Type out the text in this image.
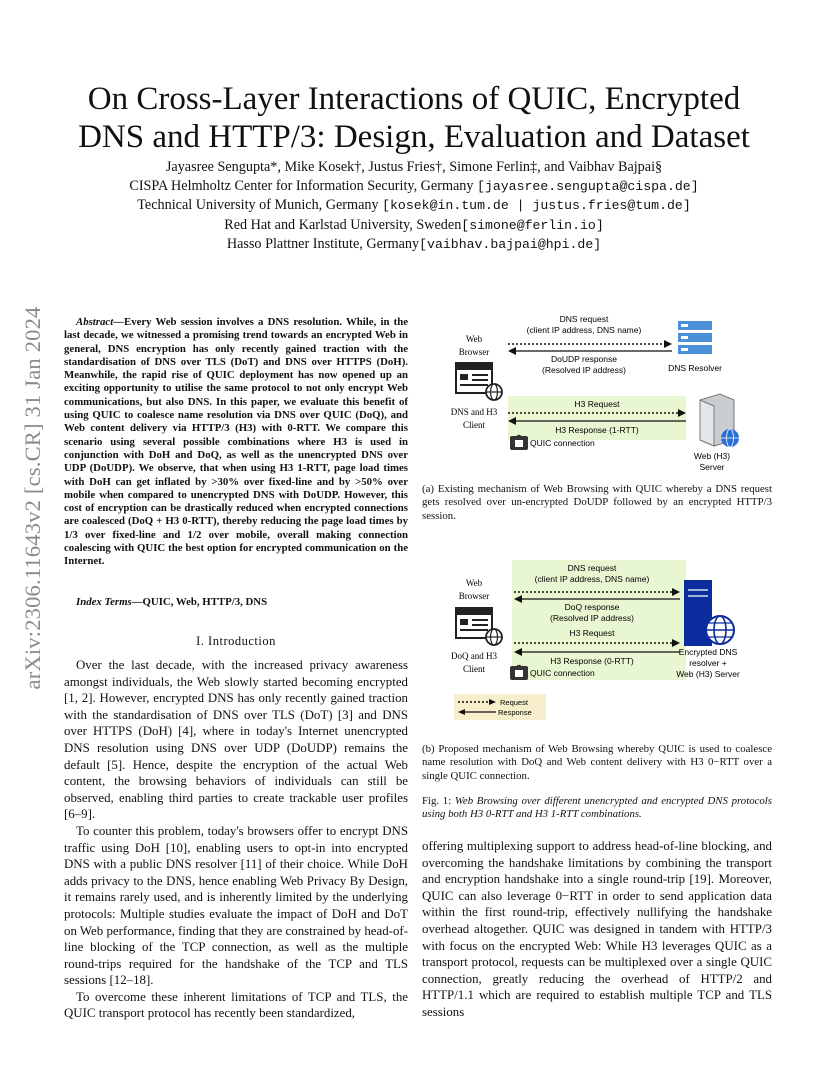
arXiv:2306.11643v2 [cs.CR] 31 Jan 2024
On Cross-Layer Interactions of QUIC, Encrypted
DNS and HTTP/3: Design, Evaluation and Dataset
Jayasree Sengupta*, Mike Kosek†, Justus Fries†, Simone Ferlin‡, and Vaibhav Bajpai§
CISPA Helmholtz Center for Information Security, Germany [jayasree.sengupta@cispa.de]
Technical University of Munich, Germany [kosek@in.tum.de | justus.fries@tum.de]
Red Hat and Karlstad University, Sweden[simone@ferlin.io]
Hasso Plattner Institute, Germany[vaibhav.bajpai@hpi.de]
Abstract—Every Web session involves a DNS resolution. While, in the last decade, we witnessed a promising trend towards an encrypted Web in general, DNS encryption has only recently gained traction with the standardisation of DNS over TLS (DoT) and DNS over HTTPS (DoH). Meanwhile, the rapid rise of QUIC deployment has now opened up an exciting opportunity to utilise the same protocol to not only encrypt Web communications, but also DNS. In this paper, we evaluate this benefit of using QUIC to coalesce name resolution via DNS over QUIC (DoQ), and Web content delivery via HTTP/3 (H3) with 0-RTT. We compare this scenario using several possible combinations where H3 is used in conjunction with DoH and DoQ, as well as the unencrypted DNS over UDP (DoUDP). We observe, that when using H3 1-RTT, page load times with DoH can get inflated by >30% over fixed-line and by >50% over mobile when compared to unencrypted DNS with DoUDP. However, this cost of encryption can be drastically reduced when encrypted connections are coalesced (DoQ + H3 0-RTT), thereby reducing the page load times by 1/3 over fixed-line and 1/2 over mobile, overall making connection coalescing with QUIC the best option for encrypted communication on the Internet.
Index Terms—QUIC, Web, HTTP/3, DNS
I. Introduction

Over the last decade, with the increased privacy awareness amongst individuals, the Web slowly started becoming encrypted [1, 2]. However, encrypted DNS has only recently gained traction with the standardisation of DNS over TLS (DoT) [3] and DNS over HTTPS (DoH) [4], where in today's Internet unencrypted DNS resolution using DNS over UDP (DoUDP) remains the default [5]. Hence, despite the encryption of the actual Web content, the browsing behaviors of individuals can still be observed, enabling third parties to create trackable user profiles [6–9].

To counter this problem, today's browsers offer to encrypt DNS traffic using DoH [10], enabling users to opt-in into encrypted DNS with a public DNS resolver [11] of their choice. While DoH adds privacy to the DNS, hence enabling Web Privacy By Design, it remains rarely used, and is inherently limited by the underlying protocols: Multiple studies evaluate the impact of DoH and DoT on Web performance, finding that they are constrained by head-of-line blocking of the TCP connection, as well as the multiple round-trips required for the handshake of the TCP and TLS sessions [12–18].

To overcome these inherent limitations of TCP and TLS, the QUIC transport protocol has recently been standardized,

Web
Browser
DNS and H3
Client
DNS request
(client IP address, DNS name)
DoUDP response
(Resolved IP address)	DNS Resolver
H3 Request
H3 Response (1-RTT)
QUIC connection
Web (H3)
Server
(a) Existing mechanism of Web Browsing with QUIC whereby a DNS request gets resolved over un-encrypted DoUDP followed by an encrypted HTTP/3 session.
Web
Browser
DoQ and H3
Client
DNS request
(client IP address, DNS name)
DoQ response
(Resolved IP address)
H3 Request
H3 Response (0-RTT)
QUIC connection
Encrypted DNS
resolver +
Web (H3) Server
Request
Response
(b) Proposed mechanism of Web Browsing whereby QUIC is used to coalesce name resolution with DoQ and Web content delivery with H3 0−RTT over a single QUIC connection.
Fig. 1: Web Browsing over different unencrypted and encrypted DNS protocols using both H3 0-RTT and H3 1-RTT combinations.

offering multiplexing support to address head-of-line blocking, and overcoming the handshake limitations by combining the transport and encryption handshake into a single round-trip [19]. Moreover, QUIC can also leverage 0−RTT in order to send application data within the first round-trip, effectively nullifying the handshake overhead altogether. QUIC was designed in tandem with HTTP/3 with focus on the encrypted Web: While H3 leverages QUIC as a transport protocol, requests can be multiplexed over a single QUIC connection, greatly reducing the overhead of HTTP/2 and HTTP/1.1 which are required to establish multiple TCP and TLS sessions
